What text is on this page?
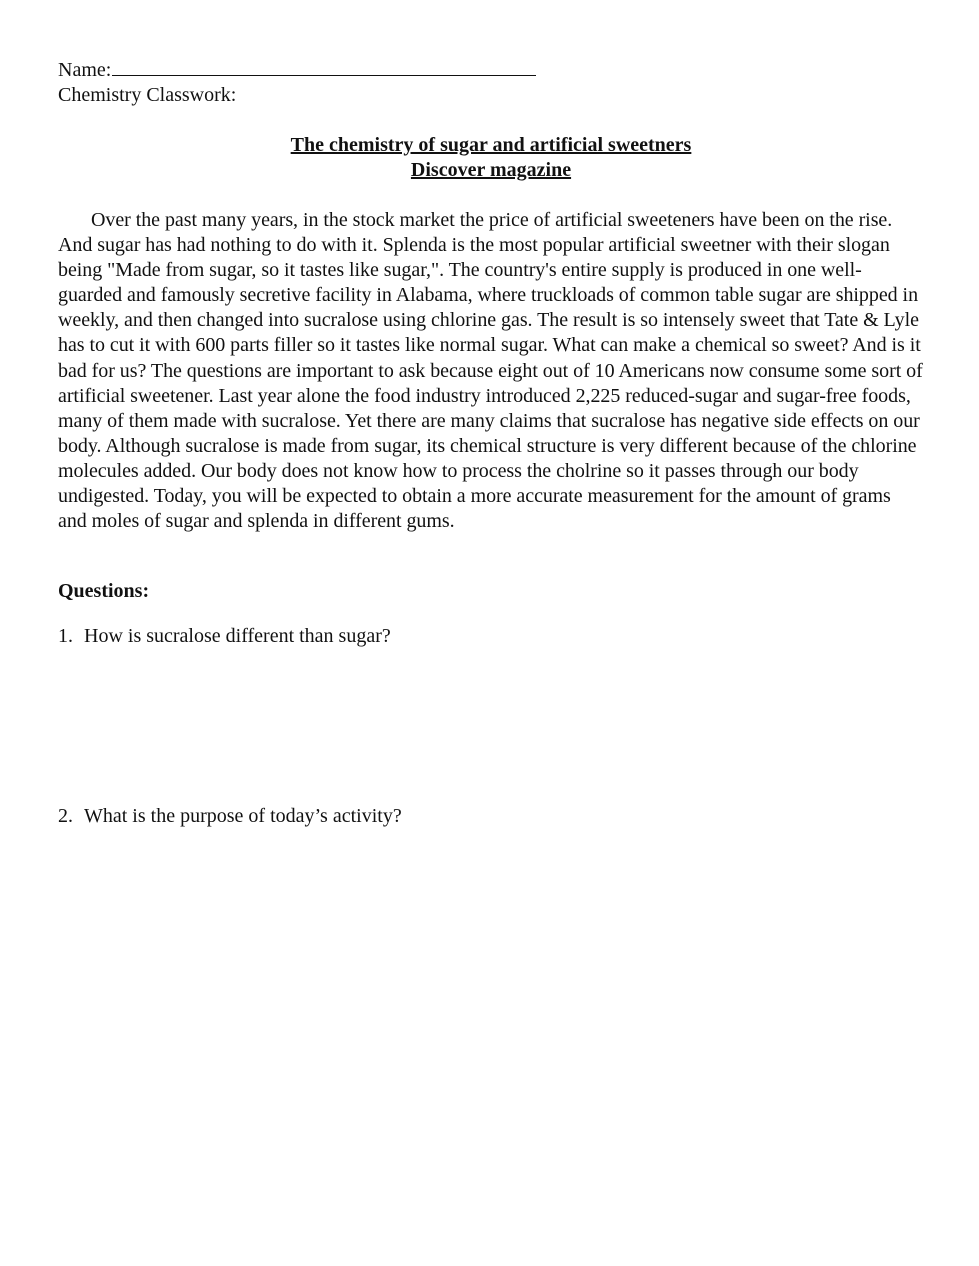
Name:
Chemistry Classwork:
The chemistry of sugar and artificial sweetners
Discover magazine

Over the past many years, in the stock market the price of artificial sweeteners have been on the rise. And sugar has had nothing to do with it. Splenda is the most popular artificial sweetner with their slogan being "Made from sugar, so it tastes like sugar,". The country's entire supply is produced in one well-guarded and famously secretive facility in Alabama, where truckloads of common table sugar are shipped in weekly, and then changed into sucralose using chlorine gas. The result is so intensely sweet that Tate & Lyle has to cut it with 600 parts filler so it tastes like normal sugar. What can make a chemical so sweet? And is it bad for us? The questions are important to ask because eight out of 10 Americans now consume some sort of artificial sweetener. Last year alone the food industry introduced 2,225 reduced-sugar and sugar-free foods, many of them made with sucralose. Yet there are many claims that sucralose has negative side effects on our body. Although sucralose is made from sugar, its chemical structure is very different because of the chlorine molecules added. Our body does not know how to process the cholrine so it passes through our body undigested. Today, you will be expected to obtain a more accurate measurement for the amount of grams and moles of sugar and splenda in different gums.

Questions:
1. How is sucralose different than sugar?
2. What is the purpose of today’s activity?
